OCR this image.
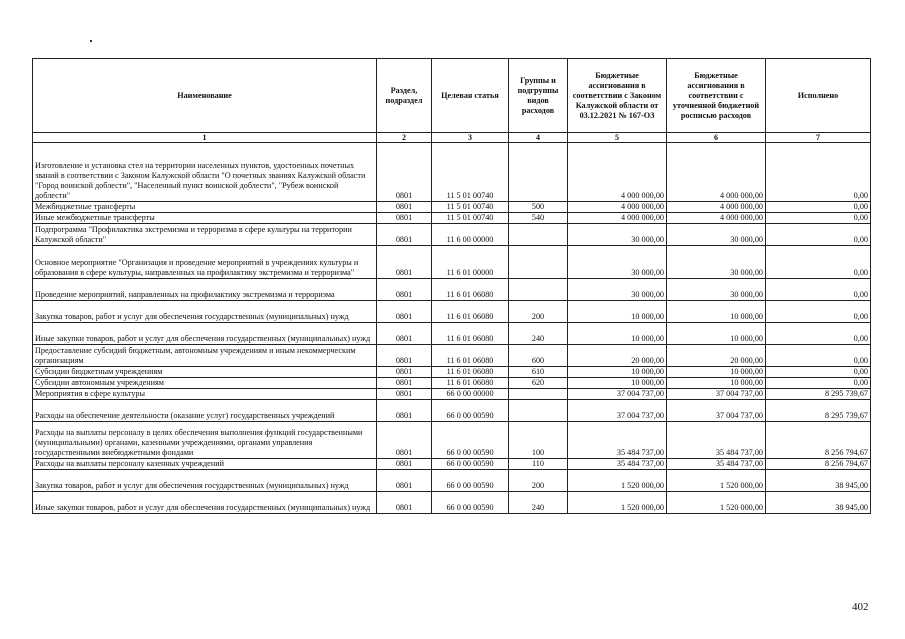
Наименование	Раздел, подраздел	Целевая статья	Группы и подгруппы видов расходов	Бюджетные ассигнования в соответствии с Законом Калужской области от 03.12.2021 № 167-ОЗ	Бюджетные ассигнования в соответствии с уточненной бюджетной росписью расходов	Исполнено
1	2	3	4	5	6	7
Изготовление и установка стел на территории населенных пунктов, удостоенных почетных званий в соответствии с Законом Калужской области "О почетных званиях Калужской области "Город воинской доблести", "Населенный пункт воинской доблести", "Рубеж воинской доблести"	0801	11 5 01 00740		4 000 000,00	4 000 000,00	0,00
Межбюджетные трансферты	0801	11 5 01 00740	500	4 000 000,00	4 000 000,00	0,00
Иные межбюджетные трансферты	0801	11 5 01 00740	540	4 000 000,00	4 000 000,00	0,00
Подпрограмма "Профилактика экстремизма и терроризма в сфере культуры на территории Калужской области"	0801	11 6 00 00000		30 000,00	30 000,00	0,00
Основное мероприятие "Организация и проведение мероприятий в учреждениях культуры и образования в сфере культуры, направленных на профилактику экстремизма и терроризма"	0801	11 6 01 00000		30 000,00	30 000,00	0,00
Проведение мероприятий, направленных на профилактику экстремизма и терроризма	0801	11 6 01 06080		30 000,00	30 000,00	0,00
Закупка товаров, работ и услуг для обеспечения государственных (муниципальных) нужд	0801	11 6 01 06080	200	10 000,00	10 000,00	0,00
Иные закупки товаров, работ и услуг для обеспечения государственных (муниципальных) нужд	0801	11 6 01 06080	240	10 000,00	10 000,00	0,00
Предоставление субсидий бюджетным, автономным учреждениям и иным некоммерческим организациям	0801	11 6 01 06080	600	20 000,00	20 000,00	0,00
Субсидии бюджетным учреждениям	0801	11 6 01 06080	610	10 000,00	10 000,00	0,00
Субсидии автономным учреждениям	0801	11 6 01 06080	620	10 000,00	10 000,00	0,00
Мероприятия в сфере культуры	0801	66 0 00 00000		37 004 737,00	37 004 737,00	8 295 739,67
Расходы на обеспечение деятельности (оказание услуг) государственных учреждений	0801	66 0 00 00590		37 004 737,00	37 004 737,00	8 295 739,67
Расходы на выплаты персоналу в целях обеспечения выполнения функций государственными (муниципальными) органами, казенными учреждениями, органами управления государственными внебюджетными фондами	0801	66 0 00 00590	100	35 484 737,00	35 484 737,00	8 256 794,67
Расходы на выплаты персоналу казенных учреждений	0801	66 0 00 00590	110	35 484 737,00	35 484 737,00	8 256 794,67
Закупка товаров, работ и услуг для обеспечения государственных (муниципальных) нужд	0801	66 0 00 00590	200	1 520 000,00	1 520 000,00	38 945,00
Иные закупки товаров, работ и услуг для обеспечения государственных (муниципальных) нужд	0801	66 0 00 00590	240	1 520 000,00	1 520 000,00	38 945,00
402
